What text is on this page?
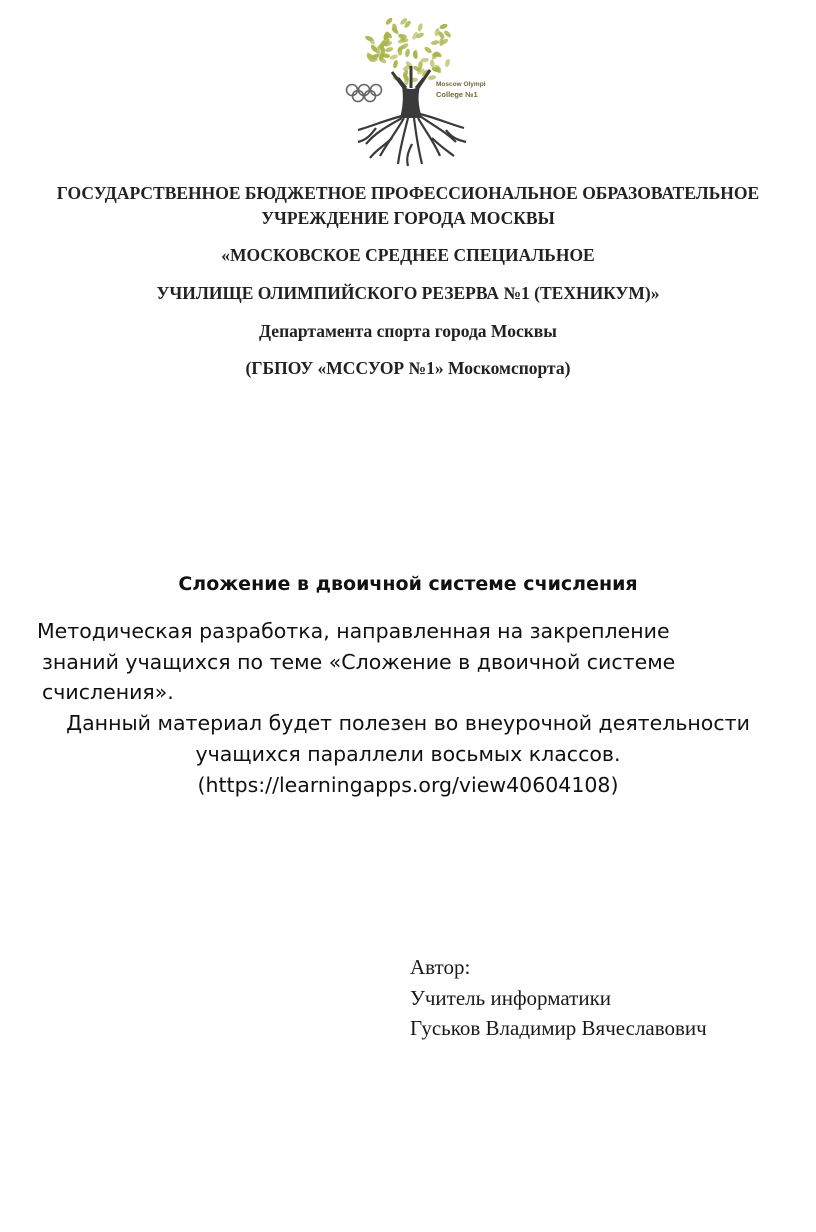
Moscow Olympic
College №1
ГОСУДАРСТВЕННОЕ БЮДЖЕТНОЕ ПРОФЕССИОНАЛЬНОЕ ОБРАЗОВАТЕЛЬНОЕ
УЧРЕЖДЕНИЕ ГОРОДА МОСКВЫ
«МОСКОВСКОЕ СРЕДНЕЕ СПЕЦИАЛЬНОЕ
УЧИЛИЩЕ ОЛИМПИЙСКОГО РЕЗЕРВА №1 (ТЕХНИКУМ)»
Департамента спорта города Москвы
(ГБПОУ «МССУОР №1» Москомспорта)
Сложение в двоичной системе счисления
Методическая разработка, направленная на закрепление
знаний учащихся по теме «Сложение в двоичной системе
счисления».
Данный материал будет полезен во внеурочной деятельности
учащихся параллели восьмых классов.
(https://learningapps.org/view40604108)
Автор:
Учитель информатики
Гуськов Владимир Вячеславович
